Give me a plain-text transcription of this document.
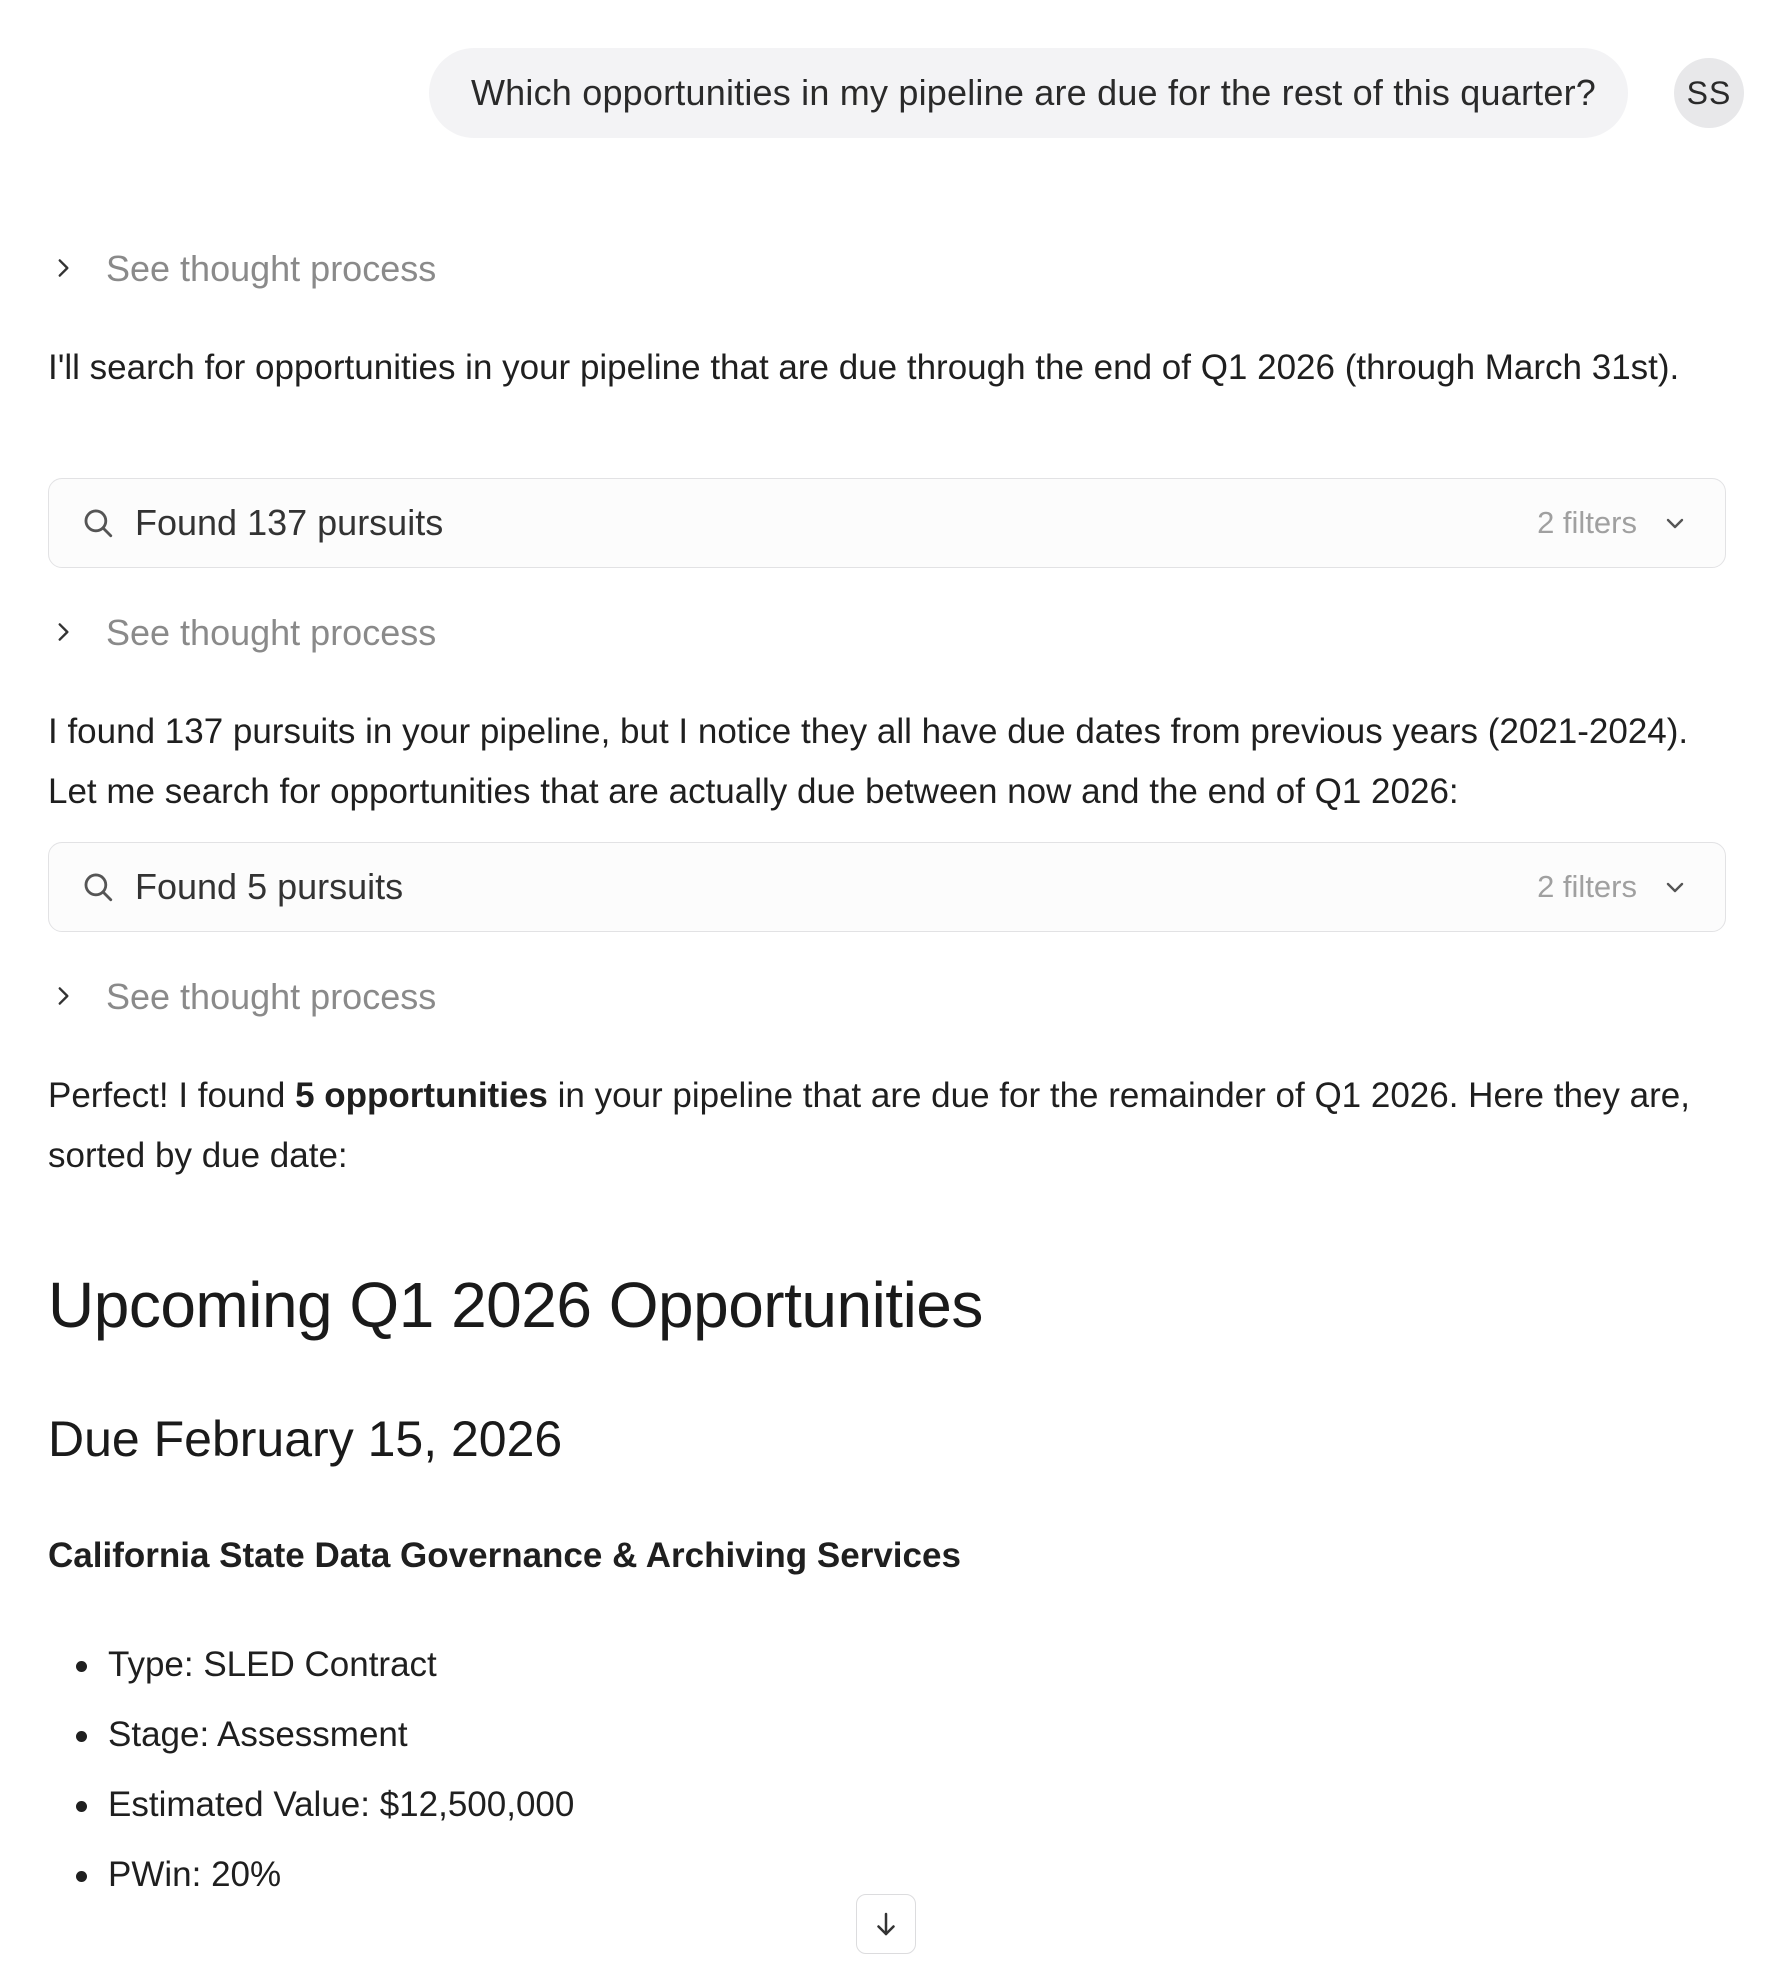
Which opportunities in my pipeline are due for the rest of this quarter?	SS
See thought process
I'll search for opportunities in your pipeline that are due through the end of Q1 2026 (through March 31st).
Found 137 pursuits	2 filters
See thought process
I found 137 pursuits in your pipeline, but I notice they all have due dates from previous years (2021-2024). Let me search for opportunities that are actually due between now and the end of Q1 2026:
Found 5 pursuits	2 filters
See thought process
Perfect! I found 5 opportunities in your pipeline that are due for the remainder of Q1 2026. Here they are, sorted by due date:
Upcoming Q1 2026 Opportunities
Due February 15, 2026
California State Data Governance & Archiving Services
Type: SLED Contract
Stage: Assessment
Estimated Value: $12,500,000
PWin: 20%
